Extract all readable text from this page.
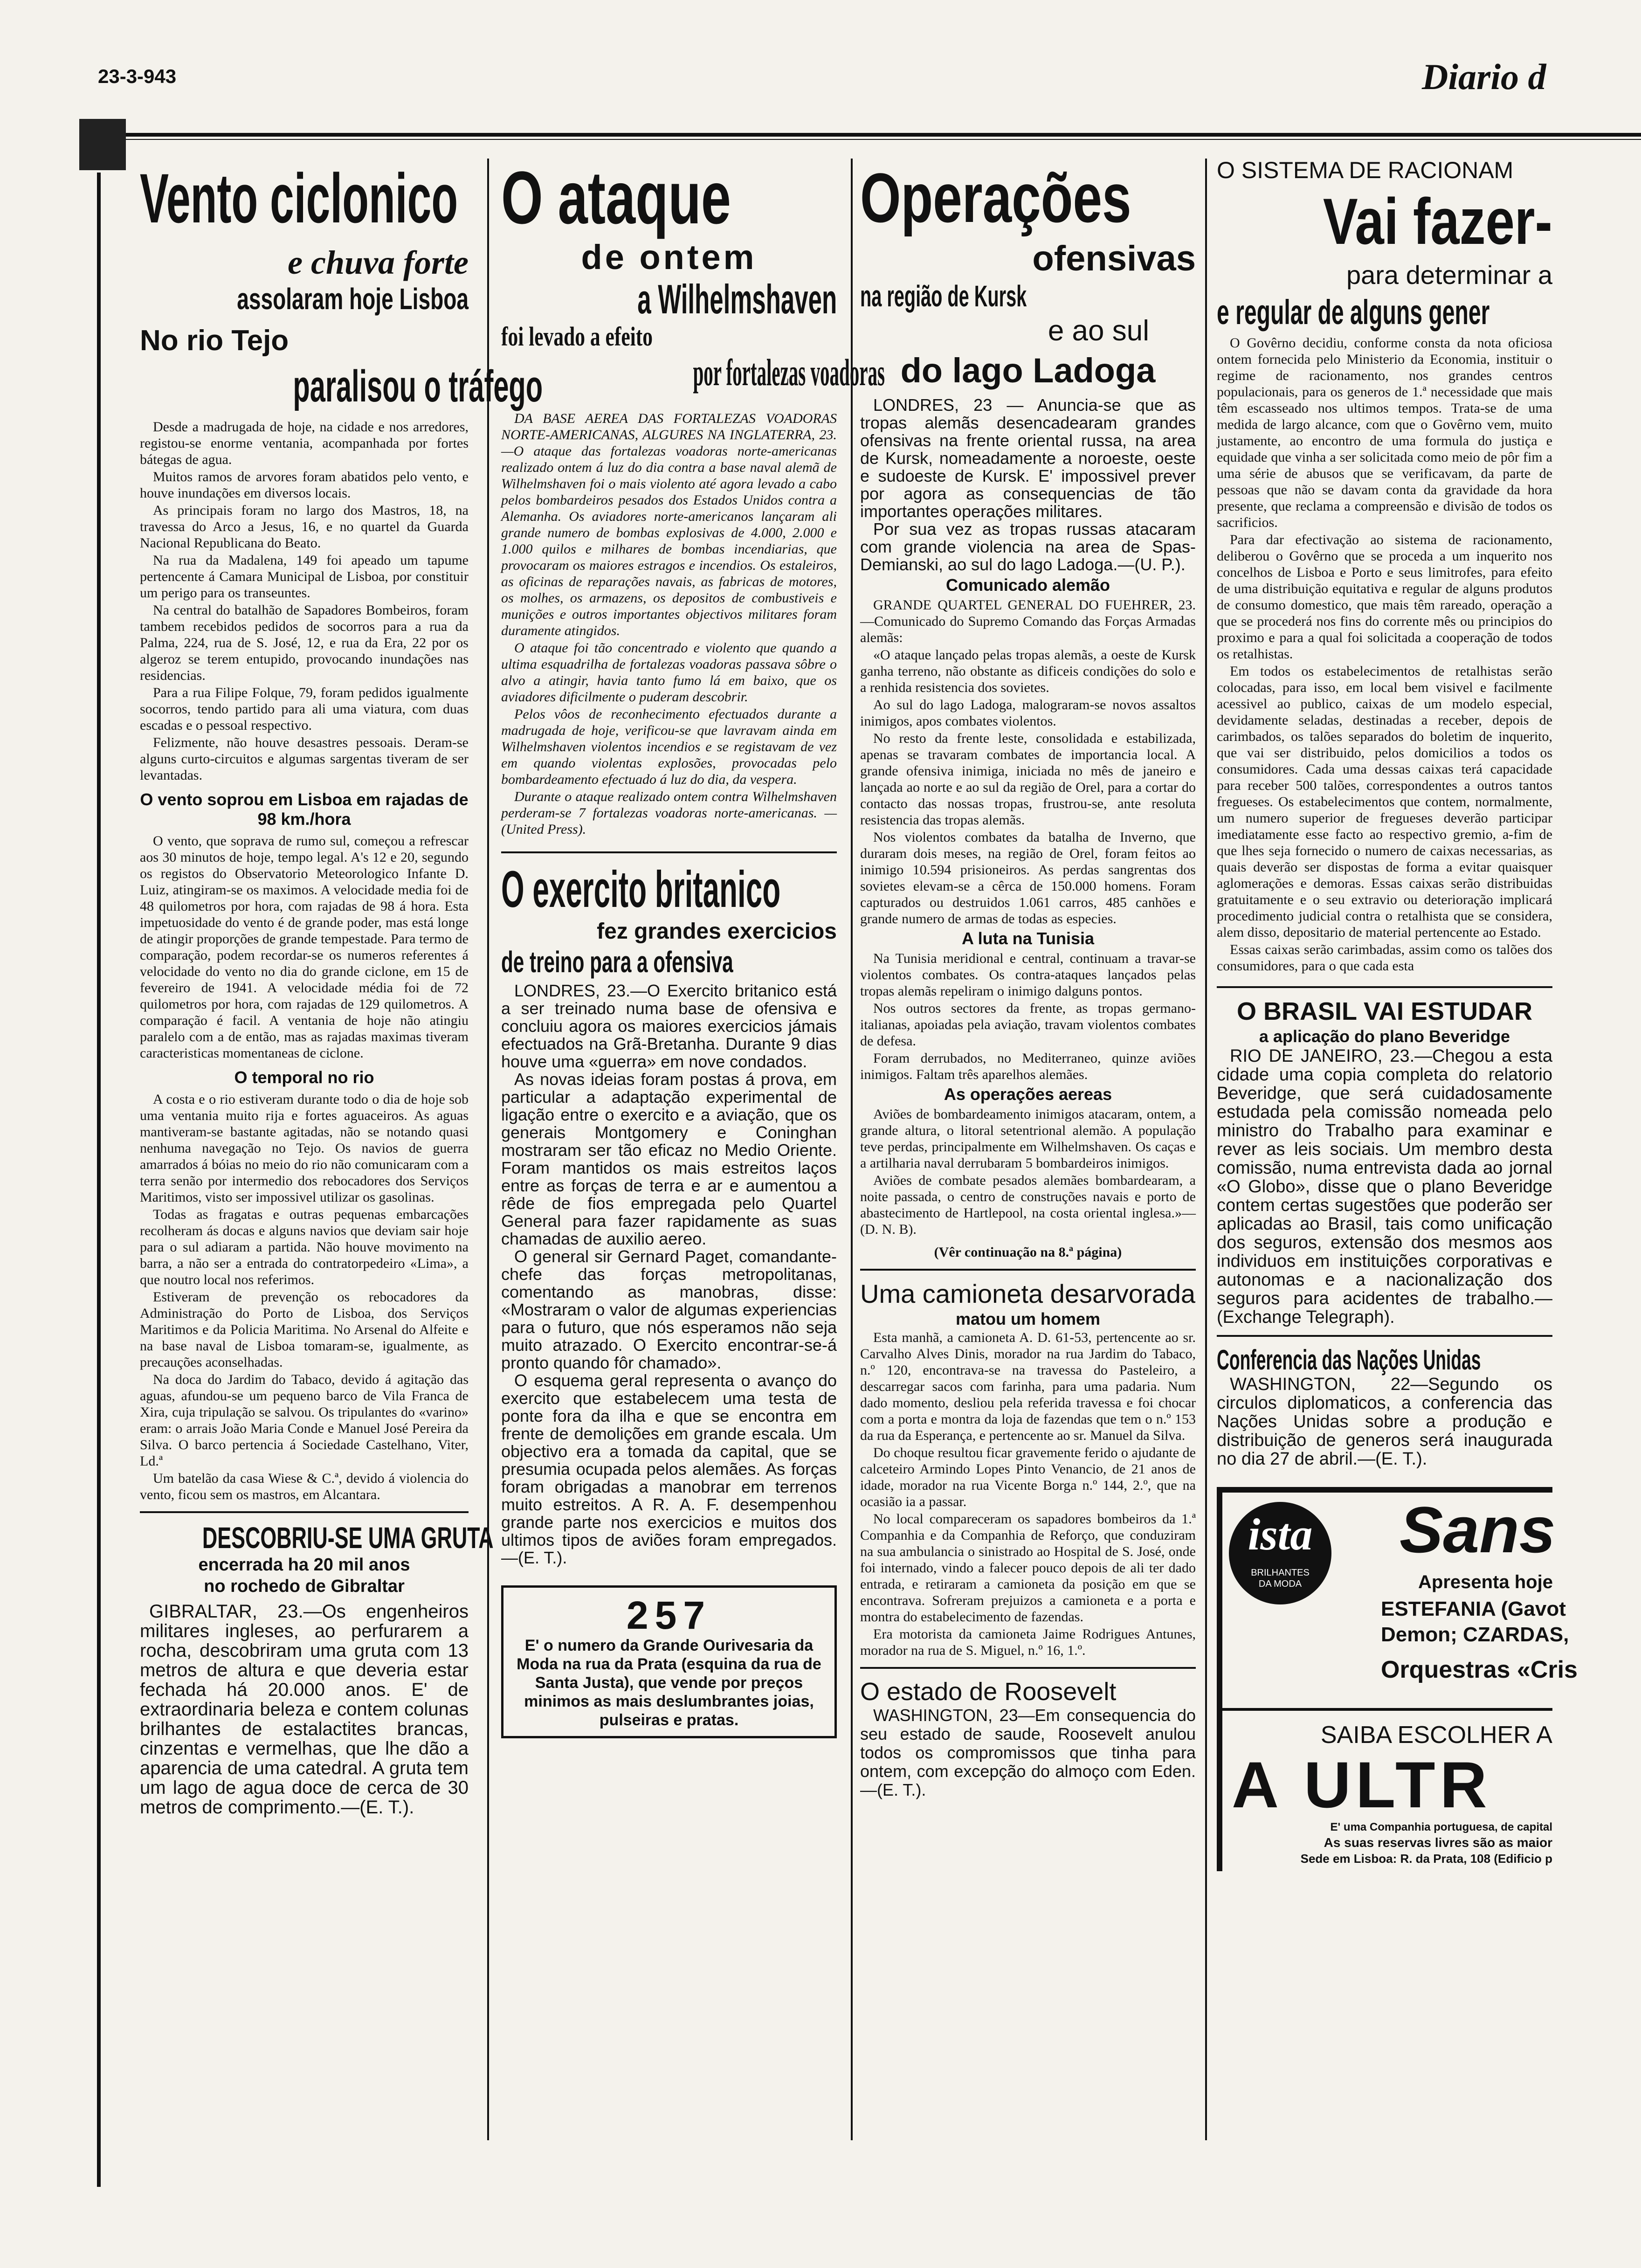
23-3-943	Diario d
Vento ciclonico
e chuva forte
assolaram hoje Lisboa
No rio Tejo
paralisou o tráfego

Desde a madrugada de hoje, na cidade e nos arredores, registou-se enorme ventania, acompanhada por fortes bátegas de agua.

Muitos ramos de arvores foram abatidos pelo vento, e houve inundações em diversos locais.

As principais foram no largo dos Mastros, 18, na travessa do Arco a Jesus, 16, e no quartel da Guarda Nacional Republicana do Beato.

Na rua da Madalena, 149 foi apeado um tapume pertencente á Camara Municipal de Lisboa, por constituir um perigo para os transeuntes.

Na central do batalhão de Sapadores Bombeiros, foram tambem recebidos pedidos de socorros para a rua da Palma, 224, rua de S. José, 12, e rua da Era, 22 por os algeroz se terem entupido, provocando inundações nas residencias.

Para a rua Filipe Folque, 79, foram pedidos igualmente socorros, tendo partido para ali uma viatura, com duas escadas e o pessoal respectivo.

Felizmente, não houve desastres pessoais. Deram-se alguns curto-circuitos e algumas sargentas tiveram de ser levantadas.

O vento soprou em Lisboa em rajadas de 98 km./hora

O vento, que soprava de rumo sul, começou a refrescar aos 30 minutos de hoje, tempo legal. A's 12 e 20, segundo os registos do Observatorio Meteorologico Infante D. Luiz, atingiram-se os maximos. A velocidade media foi de 48 quilometros por hora, com rajadas de 98 á hora. Esta impetuosidade do vento é de grande poder, mas está longe de atingir proporções de grande tempestade. Para termo de comparação, podem recordar-se os numeros referentes á velocidade do vento no dia do grande ciclone, em 15 de fevereiro de 1941. A velocidade média foi de 72 quilometros por hora, com rajadas de 129 quilometros. A comparação é facil. A ventania de hoje não atingiu paralelo com a de então, mas as rajadas maximas tiveram caracteristicas momentaneas de ciclone.

O temporal no rio

A costa e o rio estiveram durante todo o dia de hoje sob uma ventania muito rija e fortes aguaceiros. As aguas mantiveram-se bastante agitadas, não se notando quasi nenhuma navegação no Tejo. Os navios de guerra amarrados á bóias no meio do rio não comunicaram com a terra senão por intermedio dos rebocadores dos Serviços Maritimos, visto ser impossivel utilizar os gasolinas.

Todas as fragatas e outras pequenas embarcações recolheram ás docas e alguns navios que deviam sair hoje para o sul adiaram a partida. Não houve movimento na barra, a não ser a entrada do contratorpedeiro «Lima», a que noutro local nos referimos.

Estiveram de prevenção os rebocadores da Administração do Porto de Lisboa, dos Serviços Maritimos e da Policia Maritima. No Arsenal do Alfeite e na base naval de Lisboa tomaram-se, igualmente, as precauções aconselhadas.

Na doca do Jardim do Tabaco, devido á agitação das aguas, afundou-se um pequeno barco de Vila Franca de Xira, cuja tripulação se salvou. Os tripulantes do «varino» eram: o arrais João Maria Conde e Manuel José Pereira da Silva. O barco pertencia á Sociedade Castelhano, Viter, Ld.ª

Um batelão da casa Wiese & C.ª, devido á violencia do vento, ficou sem os mastros, em Alcantara.

DESCOBRIU-SE UMA GRUTA
encerrada ha 20 mil anos
no rochedo de Gibraltar
GIBRALTAR, 23.—Os engenheiros militares ingleses, ao perfurarem a rocha, descobriram uma gruta com 13 metros de altura e que deveria estar fechada há 20.000 anos. E' de extraordinaria beleza e contem colunas brilhantes de estalactites brancas, cinzentas e vermelhas, que lhe dão a aparencia de uma catedral. A gruta tem um lago de agua doce de cerca de 30 metros de comprimento.—(E. T.).
O ataque
de ontem
a Wilhelmshaven
foi levado a efeito
por fortalezas voadoras

DA BASE AEREA DAS FORTALEZAS VOADORAS NORTE-AMERICANAS, ALGURES NA INGLATERRA, 23. —O ataque das fortalezas voadoras norte-americanas realizado ontem á luz do dia contra a base naval alemã de Wilhelmshaven foi o mais violento até agora levado a cabo pelos bombardeiros pesados dos Estados Unidos contra a Alemanha. Os aviadores norte-americanos lançaram ali grande numero de bombas explosivas de 4.000, 2.000 e 1.000 quilos e milhares de bombas incendiarias, que provocaram os maiores estragos e incendios. Os estaleiros, as oficinas de reparações navais, as fabricas de motores, os molhes, os armazens, os depositos de combustiveis e munições e outros importantes objectivos militares foram duramente atingidos.

O ataque foi tão concentrado e violento que quando a ultima esquadrilha de fortalezas voadoras passava sôbre o alvo a atingir, havia tanto fumo lá em baixo, que os aviadores dificilmente o puderam descobrir.

Pelos vôos de reconhecimento efectuados durante a madrugada de hoje, verificou-se que lavravam ainda em Wilhelmshaven violentos incendios e se registavam de vez em quando violentas explosões, provocadas pelo bombardeamento efectuado á luz do dia, da vespera.

Durante o ataque realizado ontem contra Wilhelmshaven perderam-se 7 fortalezas voadoras norte-americanas. —(United Press).

O exercito britanico
fez grandes exercicios
de treino para a ofensiva

LONDRES, 23.—O Exercito britanico está a ser treinado numa base de ofensiva e concluiu agora os maiores exercicios jámais efectuados na Grã-Bretanha. Durante 9 dias houve uma «guerra» em nove condados.

As novas ideias foram postas á prova, em particular a adaptação experimental de ligação entre o exercito e a aviação, que os generais Montgomery e Coninghan mostraram ser tão eficaz no Medio Oriente. Foram mantidos os mais estreitos laços entre as forças de terra e ar e aumentou a rêde de fios empregada pelo Quartel General para fazer rapidamente as suas chamadas de auxilio aereo.

O general sir Gernard Paget, comandante-chefe das forças metropolitanas, comentando as manobras, disse: «Mostraram o valor de algumas experiencias para o futuro, que nós esperamos não seja muito atrazado. O Exercito encontrar-se-á pronto quando fôr chamado».

O esquema geral representa o avanço do exercito que estabelecem uma testa de ponte fora da ilha e que se encontra em frente de demolições em grande escala. Um objectivo era a tomada da capital, que se presumia ocupada pelos alemães. As forças foram obrigadas a manobrar em terrenos muito estreitos. A R. A. F. desempenhou grande parte nos exercicios e muitos dos ultimos tipos de aviões foram empregados.—(E. T.).

257
E' o numero da Grande Ourivesaria da Moda na rua da Prata (esquina da rua de Santa Justa), que vende por preços minimos as mais deslumbrantes joias, pulseiras e pratas.
Operações
ofensivas
na região de Kursk
e ao sul
do lago Ladoga

LONDRES, 23 — Anuncia-se que as tropas alemãs desencadearam grandes ofensivas na frente oriental russa, na area de Kursk, nomeadamente a noroeste, oeste e sudoeste de Kursk. E' impossivel prever por agora as consequencias de tão importantes operações militares.

Por sua vez as tropas russas atacaram com grande violencia na area de Spas-Demianski, ao sul do lago Ladoga.—(U. P.).

Comunicado alemão

GRANDE QUARTEL GENERAL DO FUEHRER, 23.—Comunicado do Supremo Comando das Forças Armadas alemãs:

«O ataque lançado pelas tropas alemãs, a oeste de Kursk ganha terreno, não obstante as dificeis condições do solo e a renhida resistencia dos sovietes.

Ao sul do lago Ladoga, malograram-se novos assaltos inimigos, apos combates violentos.

No resto da frente leste, consolidada e estabilizada, apenas se travaram combates de importancia local. A grande ofensiva inimiga, iniciada no mês de janeiro e lançada ao norte e ao sul da região de Orel, para a cortar do contacto das nossas tropas, frustrou-se, ante resoluta resistencia das tropas alemãs.

Nos violentos combates da batalha de Inverno, que duraram dois meses, na região de Orel, foram feitos ao inimigo 10.594 prisioneiros. As perdas sangrentas dos sovietes elevam-se a cêrca de 150.000 homens. Foram capturados ou destruidos 1.061 carros, 485 canhões e grande numero de armas de todas as especies.

A luta na Tunisia

Na Tunisia meridional e central, continuam a travar-se violentos combates. Os contra-ataques lançados pelas tropas alemãs repeliram o inimigo dalguns pontos.

Nos outros sectores da frente, as tropas germano-italianas, apoiadas pela aviação, travam violentos combates de defesa.

Foram derrubados, no Mediterraneo, quinze aviões inimigos. Faltam três aparelhos alemães.

As operações aereas

Aviões de bombardeamento inimigos atacaram, ontem, a grande altura, o litoral setentrional alemão. A população teve perdas, principalmente em Wilhelmshaven. Os caças e a artilharia naval derrubaram 5 bombardeiros inimigos.

Aviões de combate pesados alemães bombardearam, a noite passada, o centro de construções navais e porto de abastecimento de Hartlepool, na costa oriental inglesa.»—(D. N. B).

(Vêr continuação na 8.ª página)
Uma camioneta desarvorada
matou um homem

Esta manhã, a camioneta A. D. 61-53, pertencente ao sr. Carvalho Alves Dinis, morador na rua Jardim do Tabaco, n.º 120, encontrava-se na travessa do Pasteleiro, a descarregar sacos com farinha, para uma padaria. Num dado momento, desliou pela referida travessa e foi chocar com a porta e montra da loja de fazendas que tem o n.º 153 da rua da Esperança, e pertencente ao sr. Manuel da Silva.

Do choque resultou ficar gravemente ferido o ajudante de calceteiro Armindo Lopes Pinto Venancio, de 21 anos de idade, morador na rua Vicente Borga n.º 144, 2.º, que na ocasião ia a passar.

No local compareceram os sapadores bombeiros da 1.ª Companhia e da Companhia de Reforço, que conduziram na sua ambulancia o sinistrado ao Hospital de S. José, onde foi internado, vindo a falecer pouco depois de ali ter dado entrada, e retiraram a camioneta da posição em que se encontrava. Sofreram prejuizos a camioneta e a porta e montra do estabelecimento de fazendas.

Era motorista da camioneta Jaime Rodrigues Antunes, morador na rua de S. Miguel, n.º 16, 1.º.

O estado de Roosevelt
WASHINGTON, 23—Em consequencia do seu estado de saude, Roosevelt anulou todos os compromissos que tinha para ontem, com excepção do almoço com Eden.—(E. T.).
O SISTEMA DE RACIONAM
Vai fazer-
para determinar a
e regular de alguns gener

O Govêrno decidiu, conforme consta da nota oficiosa ontem fornecida pelo Ministerio da Economia, instituir o regime de racionamento, nos grandes centros populacionais, para os generos de 1.ª necessidade que mais têm escasseado nos ultimos tempos. Trata-se de uma medida de largo alcance, com que o Govêrno vem, muito justamente, ao encontro de uma formula do justiça e equidade que vinha a ser solicitada como meio de pôr fim a uma série de abusos que se verificavam, da parte de pessoas que não se davam conta da gravidade da hora presente, que reclama a compreensão e divisão de todos os sacrificios.

Para dar efectivação ao sistema de racionamento, deliberou o Govêrno que se proceda a um inquerito nos concelhos de Lisboa e Porto e seus limitrofes, para efeito de uma distribuição equitativa e regular de alguns produtos de consumo domestico, que mais têm rareado, operação a que se procederá nos fins do corrente mês ou principios do proximo e para a qual foi solicitada a cooperação de todos os retalhistas.

Em todos os estabelecimentos de retalhistas serão colocadas, para isso, em local bem visivel e facilmente acessivel ao publico, caixas de um modelo especial, devidamente seladas, destinadas a receber, depois de carimbados, os talões separados do boletim de inquerito, que vai ser distribuido, pelos domicilios a todos os consumidores. Cada uma dessas caixas terá capacidade para receber 500 talões, correspondentes a outros tantos fregueses. Os estabelecimentos que contem, normalmente, um numero superior de fregueses deverão participar imediatamente esse facto ao respectivo gremio, a-fim de que lhes seja fornecido o numero de caixas necessarias, as quais deverão ser dispostas de forma a evitar quaisquer aglomerações e demoras. Essas caixas serão distribuidas gratuitamente e o seu extravio ou deterioração implicará procedimento judicial contra o retalhista que se considera, alem disso, depositario de material pertencente ao Estado.

Essas caixas serão carimbadas, assim como os talões dos consumidores, para o que cada esta

O BRASIL VAI ESTUDAR
a aplicação do plano Beveridge
RIO DE JANEIRO, 23.—Chegou a esta cidade uma copia completa do relatorio Beveridge, que será cuidadosamente estudada pela comissão nomeada pelo ministro do Trabalho para examinar e rever as leis sociais. Um membro desta comissão, numa entrevista dada ao jornal «O Globo», disse que o plano Beveridge contem certas sugestões que poderão ser aplicadas ao Brasil, tais como unificação dos seguros, extensão dos mesmos aos individuos em instituições corporativas e autonomas e a nacionalização dos seguros para acidentes de trabalho.—(Exchange Telegraph).
Conferencia das Nações Unidas
WASHINGTON, 22—Segundo os circulos diplomaticos, a conferencia das Nações Unidas sobre a produção e distribuição de generos será inaugurada no dia 27 de abril.—(E. T.).
ista
BRILHANTES DA MODA
Sans
Apresenta hoje
ESTEFANIA (Gavot
Demon; CZARDAS,
Orquestras «Cris
SAIBA ESCOLHER A
A ULTR
E' uma Companhia portuguesa, de capital
As suas reservas livres são as maior
Sede em Lisboa: R. da Prata, 108 (Edificio p
